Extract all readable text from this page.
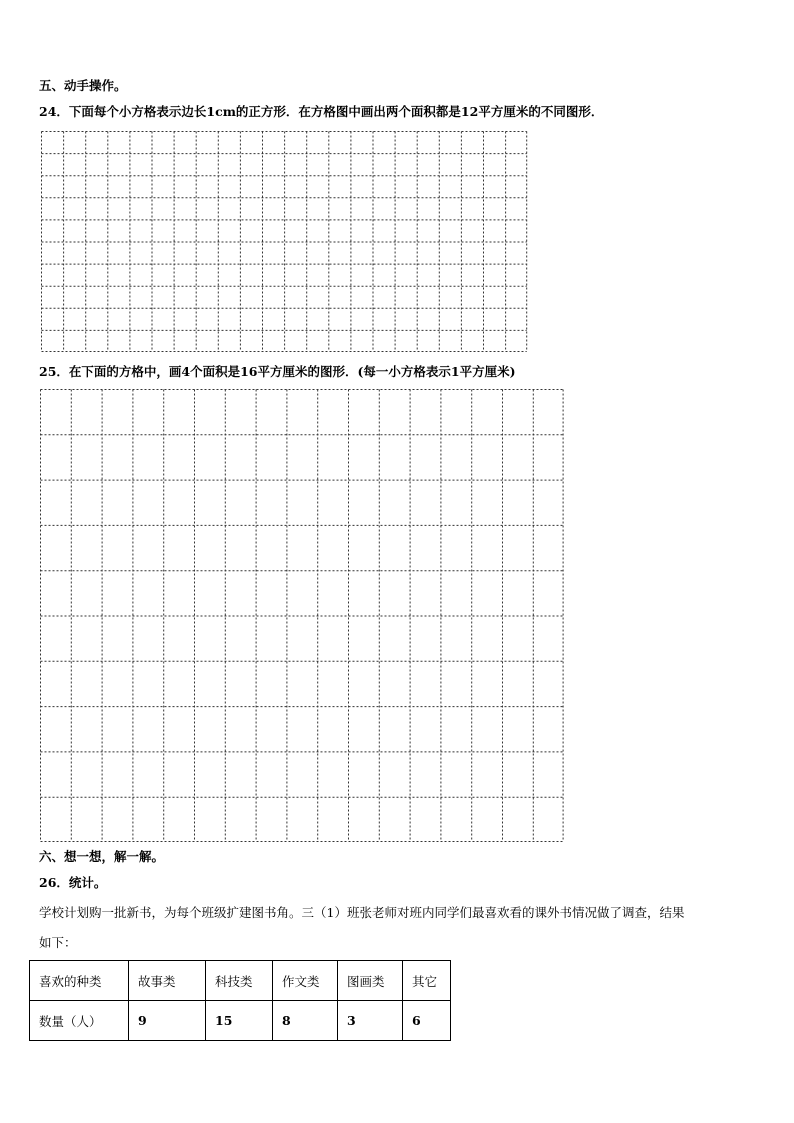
五、动手操作。
24．下面每个小方格表示边长1cm的正方形．在方格图中画出两个面积都是12平方厘米的不同图形．
25．在下面的方格中，画4个面积是16平方厘米的图形．(每一小方格表示1平方厘米)
六、想一想，解一解。
26．统计。
学校计划购一批新书，为每个班级扩建图书角。三（1）班张老师对班内同学们最喜欢看的课外书情况做了调查，结果
如下：
喜欢的种类	故事类	科技类	作文类	图画类	其它
数量（人）	9	15	8	3	6
